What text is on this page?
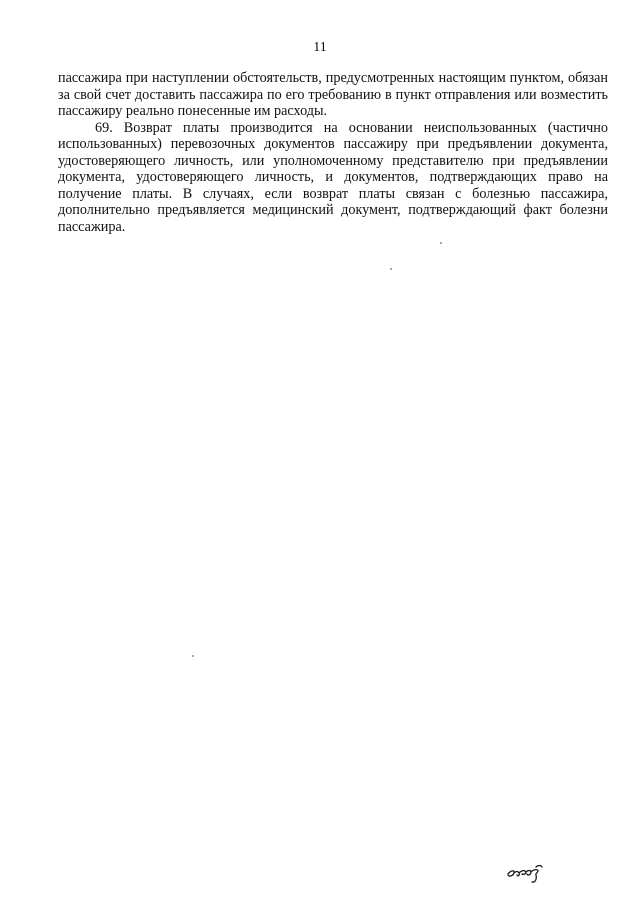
11

пассажира при наступлении обстоятельств, предусмотренных настоящим пунктом, обязан за свой счет доставить пассажира по его требованию в пункт отправления или возместить пассажиру реально понесенные им расходы.

69. Возврат платы производится на основании неиспользованных (частично использованных) перевозочных документов пассажиру при предъявлении документа, удостоверяющего личность, или уполномоченному представителю при предъявлении документа, удостоверяющего личность, и документов, подтверждающих право на получение платы. В случаях, если возврат платы связан с болезнью пассажира, дополнительно предъявляется медицинский документ, подтверждающий факт болезни пассажира.
